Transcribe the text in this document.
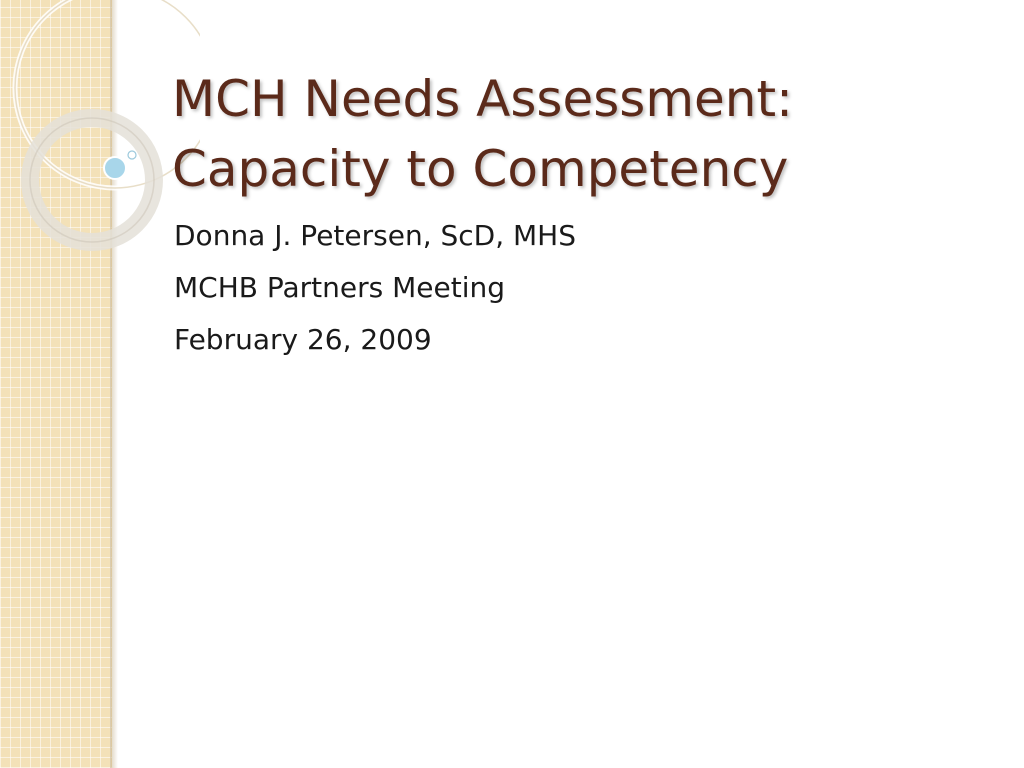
MCH Needs Assessment:
Capacity to Competency
Donna J. Petersen, ScD, MHS
MCHB Partners Meeting
February 26, 2009
